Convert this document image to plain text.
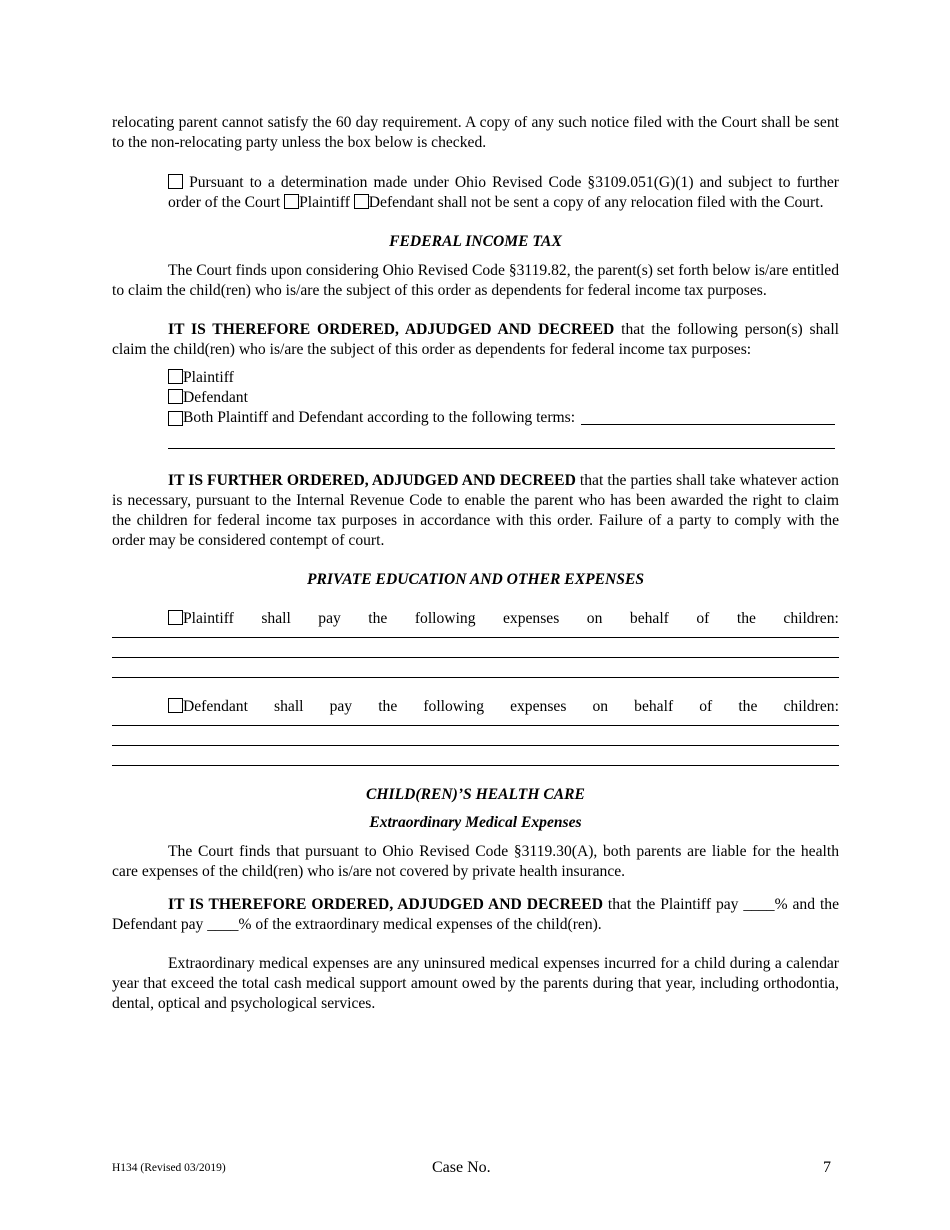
relocating parent cannot satisfy the 60 day requirement. A copy of any such notice filed with the Court shall be sent to the non-relocating party unless the box below is checked.

Pursuant to a determination made under Ohio Revised Code §3109.051(G)(1) and subject to further order of the Court Plaintiff Defendant shall not be sent a copy of any relocation filed with the Court.

FEDERAL INCOME TAX

The Court finds upon considering Ohio Revised Code §3119.82, the parent(s) set forth below is/are entitled to claim the child(ren) who is/are the subject of this order as dependents for federal income tax purposes.

IT IS THEREFORE ORDERED, ADJUDGED AND DECREED that the following person(s) shall claim the child(ren) who is/are the subject of this order as dependents for federal income tax purposes:

Plaintiff
Defendant
Both Plaintiff and Defendant according to the following terms:

IT IS FURTHER ORDERED, ADJUDGED AND DECREED that the parties shall take whatever action is necessary, pursuant to the Internal Revenue Code to enable the parent who has been awarded the right to claim the children for federal income tax purposes in accordance with this order. Failure of a party to comply with the order may be considered contempt of court.

PRIVATE EDUCATION AND OTHER EXPENSES

Plaintiff shall pay the following expenses on behalf of the children:
Defendant shall pay the following expenses on behalf of the children:

CHILD(REN)’S HEALTH CARE

Extraordinary Medical Expenses

The Court finds that pursuant to Ohio Revised Code §3119.30(A), both parents are liable for the health care expenses of the child(ren) who is/are not covered by private health insurance.

IT IS THEREFORE ORDERED, ADJUDGED AND DECREED that the Plaintiff pay ____% and the Defendant pay ____% of the extraordinary medical expenses of the child(ren).

Extraordinary medical expenses are any uninsured medical expenses incurred for a child during a calendar year that exceed the total cash medical support amount owed by the parents during that year, including orthodontia, dental, optical and psychological services.

H134 (Revised 03/2019)	Case No.	7
